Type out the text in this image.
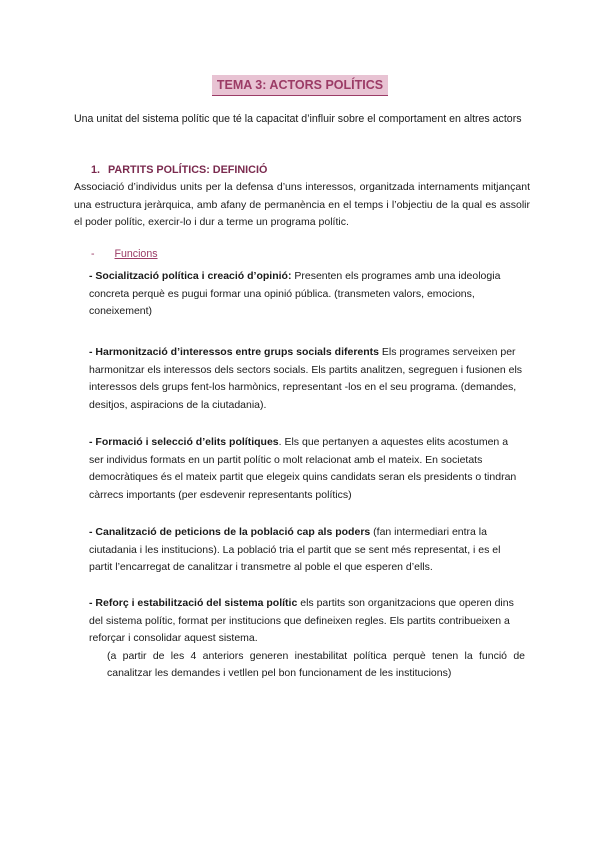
TEMA 3: ACTORS POLÍTICS
Una unitat del sistema polític que té la capacitat d’influir sobre el comportament en altres actors
1. PARTITS POLÍTICS: DEFINICIÓ
Associació d’individus units per la defensa d’uns interessos, organitzada internaments mitjançant una estructura jeràrquica, amb afany de permanència en el temps i l’objectiu de la qual es assolir el poder polític, exercir-lo i dur a terme un programa polític.
- Funcions
- Socialització política i creació d’opinió: Presenten els programes amb una ideologia concreta perquè es pugui formar una opinió pública. (transmeten valors, emocions, coneixement)
- Harmonització d’interessos entre grups socials diferents Els programes serveixen per harmonitzar els interessos dels sectors socials. Els partits analitzen, segreguen i fusionen els interessos dels grups fent-los harmònics, representant -los en el seu programa. (demandes, desitjos, aspiracions de la ciutadania).
- Formació i selecció d’elits polítiques. Els que pertanyen a aquestes elits acostumen a ser individus formats en un partit polític o molt relacionat amb el mateix. En societats democràtiques és el mateix partit que elegeix quins candidats seran els presidents o tindran càrrecs importants (per esdevenir representants polítics)
- Canalització de peticions de la població cap als poders (fan intermediari entra la ciutadania i les institucions). La població tria el partit que se sent més representat, i es el partit l’encarregat de canalitzar i transmetre al poble el que esperen d’ells.
- Reforç i estabilització del sistema polític els partits son organitzacions que operen dins del sistema polític, format per institucions que defineixen regles. Els partits contribueixen a reforçar i consolidar aquest sistema.
(a partir de les 4 anteriors generen inestabilitat política perquè tenen la funció de canalitzar les demandes i vetllen pel bon funcionament de les institucions)
